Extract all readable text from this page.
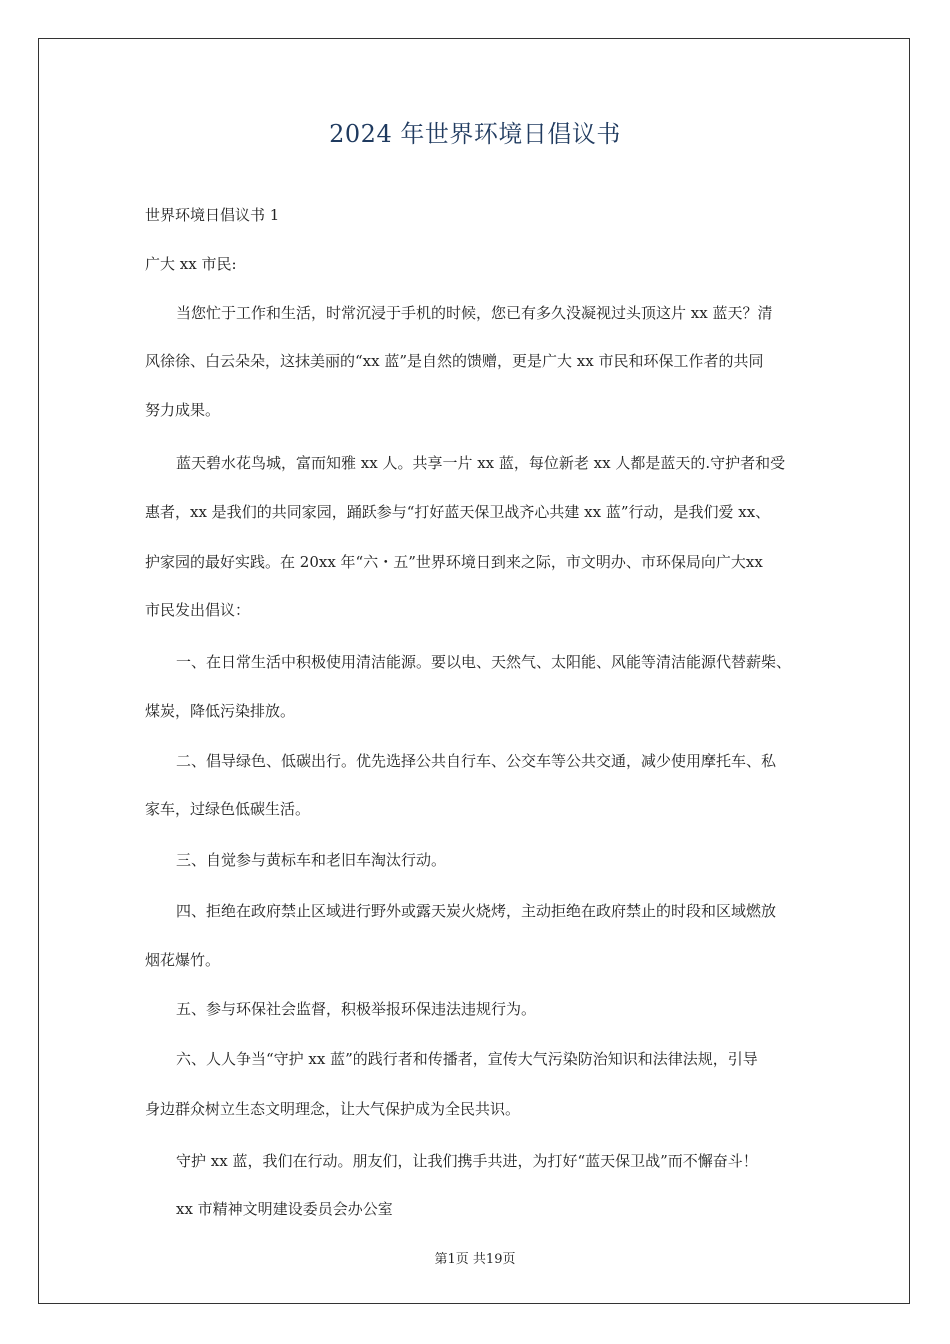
2024 年世界环境日倡议书
世界环境日倡议书 1
广大 xx 市民:
当您忙于工作和生活，时常沉浸于手机的时候，您已有多久没凝视过头顶这片 xx 蓝天？清
风徐徐、白云朵朵，这抹美丽的“xx 蓝”是自然的馈赠，更是广大 xx 市民和环保工作者的共同
努力成果。
蓝天碧水花鸟城，富而知雅 xx 人。共享一片 xx 蓝，每位新老 xx 人都是蓝天的.守护者和受
惠者，xx 是我们的共同家园，踊跃参与“打好蓝天保卫战齐心共建 xx 蓝”行动，是我们爱 xx、
护家园的最好实践。在 20xx 年“六・五”世界环境日到来之际，市文明办、市环保局向广大xx
市民发出倡议：
一、在日常生活中积极使用清洁能源。要以电、天然气、太阳能、风能等清洁能源代替薪柴、
煤炭，降低污染排放。
二、倡导绿色、低碳出行。优先选择公共自行车、公交车等公共交通，减少使用摩托车、私
家车，过绿色低碳生活。
三、自觉参与黄标车和老旧车淘汰行动。
四、拒绝在政府禁止区域进行野外或露天炭火烧烤，主动拒绝在政府禁止的时段和区域燃放
烟花爆竹。
五、参与环保社会监督，积极举报环保违法违规行为。
六、人人争当“守护 xx 蓝”的践行者和传播者，宣传大气污染防治知识和法律法规，引导
身边群众树立生态文明理念，让大气保护成为全民共识。
守护 xx 蓝，我们在行动。朋友们，让我们携手共进，为打好“蓝天保卫战”而不懈奋斗！
xx 市精神文明建设委员会办公室
第1页 共19页
